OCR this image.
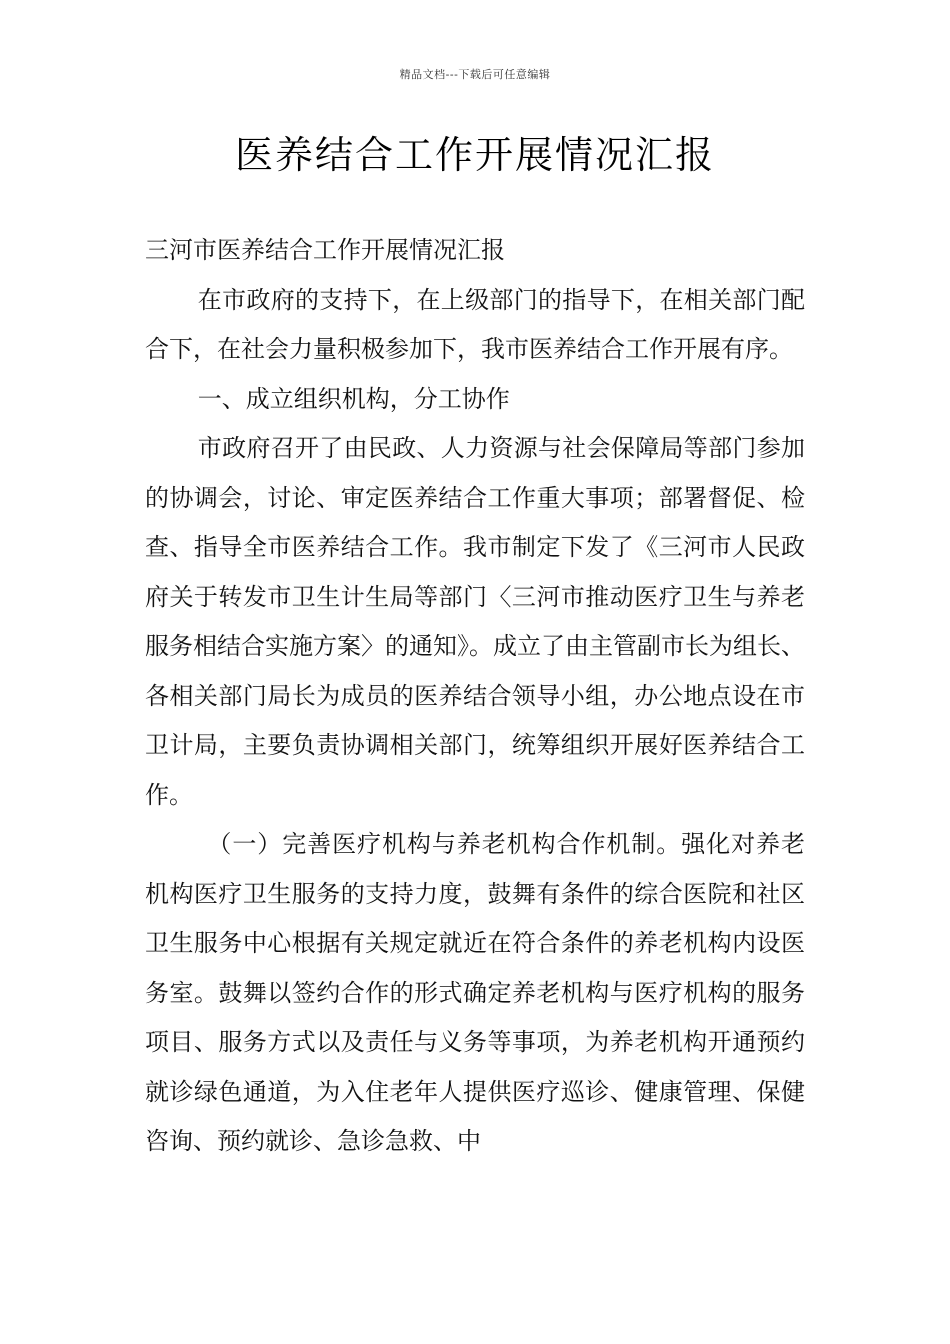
精品文档---下载后可任意编辑
医养结合工作开展情况汇报

三河市医养结合工作开展情况汇报

在市政府的支持下，在上级部门的指导下，在相关部门配合下，在社会力量积极参加下，我市医养结合工作开展有序。

一、成立组织机构，分工协作

市政府召开了由民政、人力资源与社会保障局等部门参加的协调会，讨论、审定医养结合工作重大事项；部署督促、检查、指导全市医养结合工作。我市制定下发了《三河市人民政府关于转发市卫生计生局等部门〈三河市推动医疗卫生与养老服务相结合实施方案〉的通知》。成立了由主管副市长为组长、各相关部门局长为成员的医养结合领导小组，办公地点设在市卫计局，主要负责协调相关部门，统筹组织开展好医养结合工作。

（一）完善医疗机构与养老机构合作机制。强化对养老机构医疗卫生服务的支持力度，鼓舞有条件的综合医院和社区卫生服务中心根据有关规定就近在符合条件的养老机构内设医务室。鼓舞以签约合作的形式确定养老机构与医疗机构的服务项目、服务方式以及责任与义务等事项，为养老机构开通预约就诊绿色通道，为入住老年人提供医疗巡诊、健康管理、保健咨询、预约就诊、急诊急救、中
